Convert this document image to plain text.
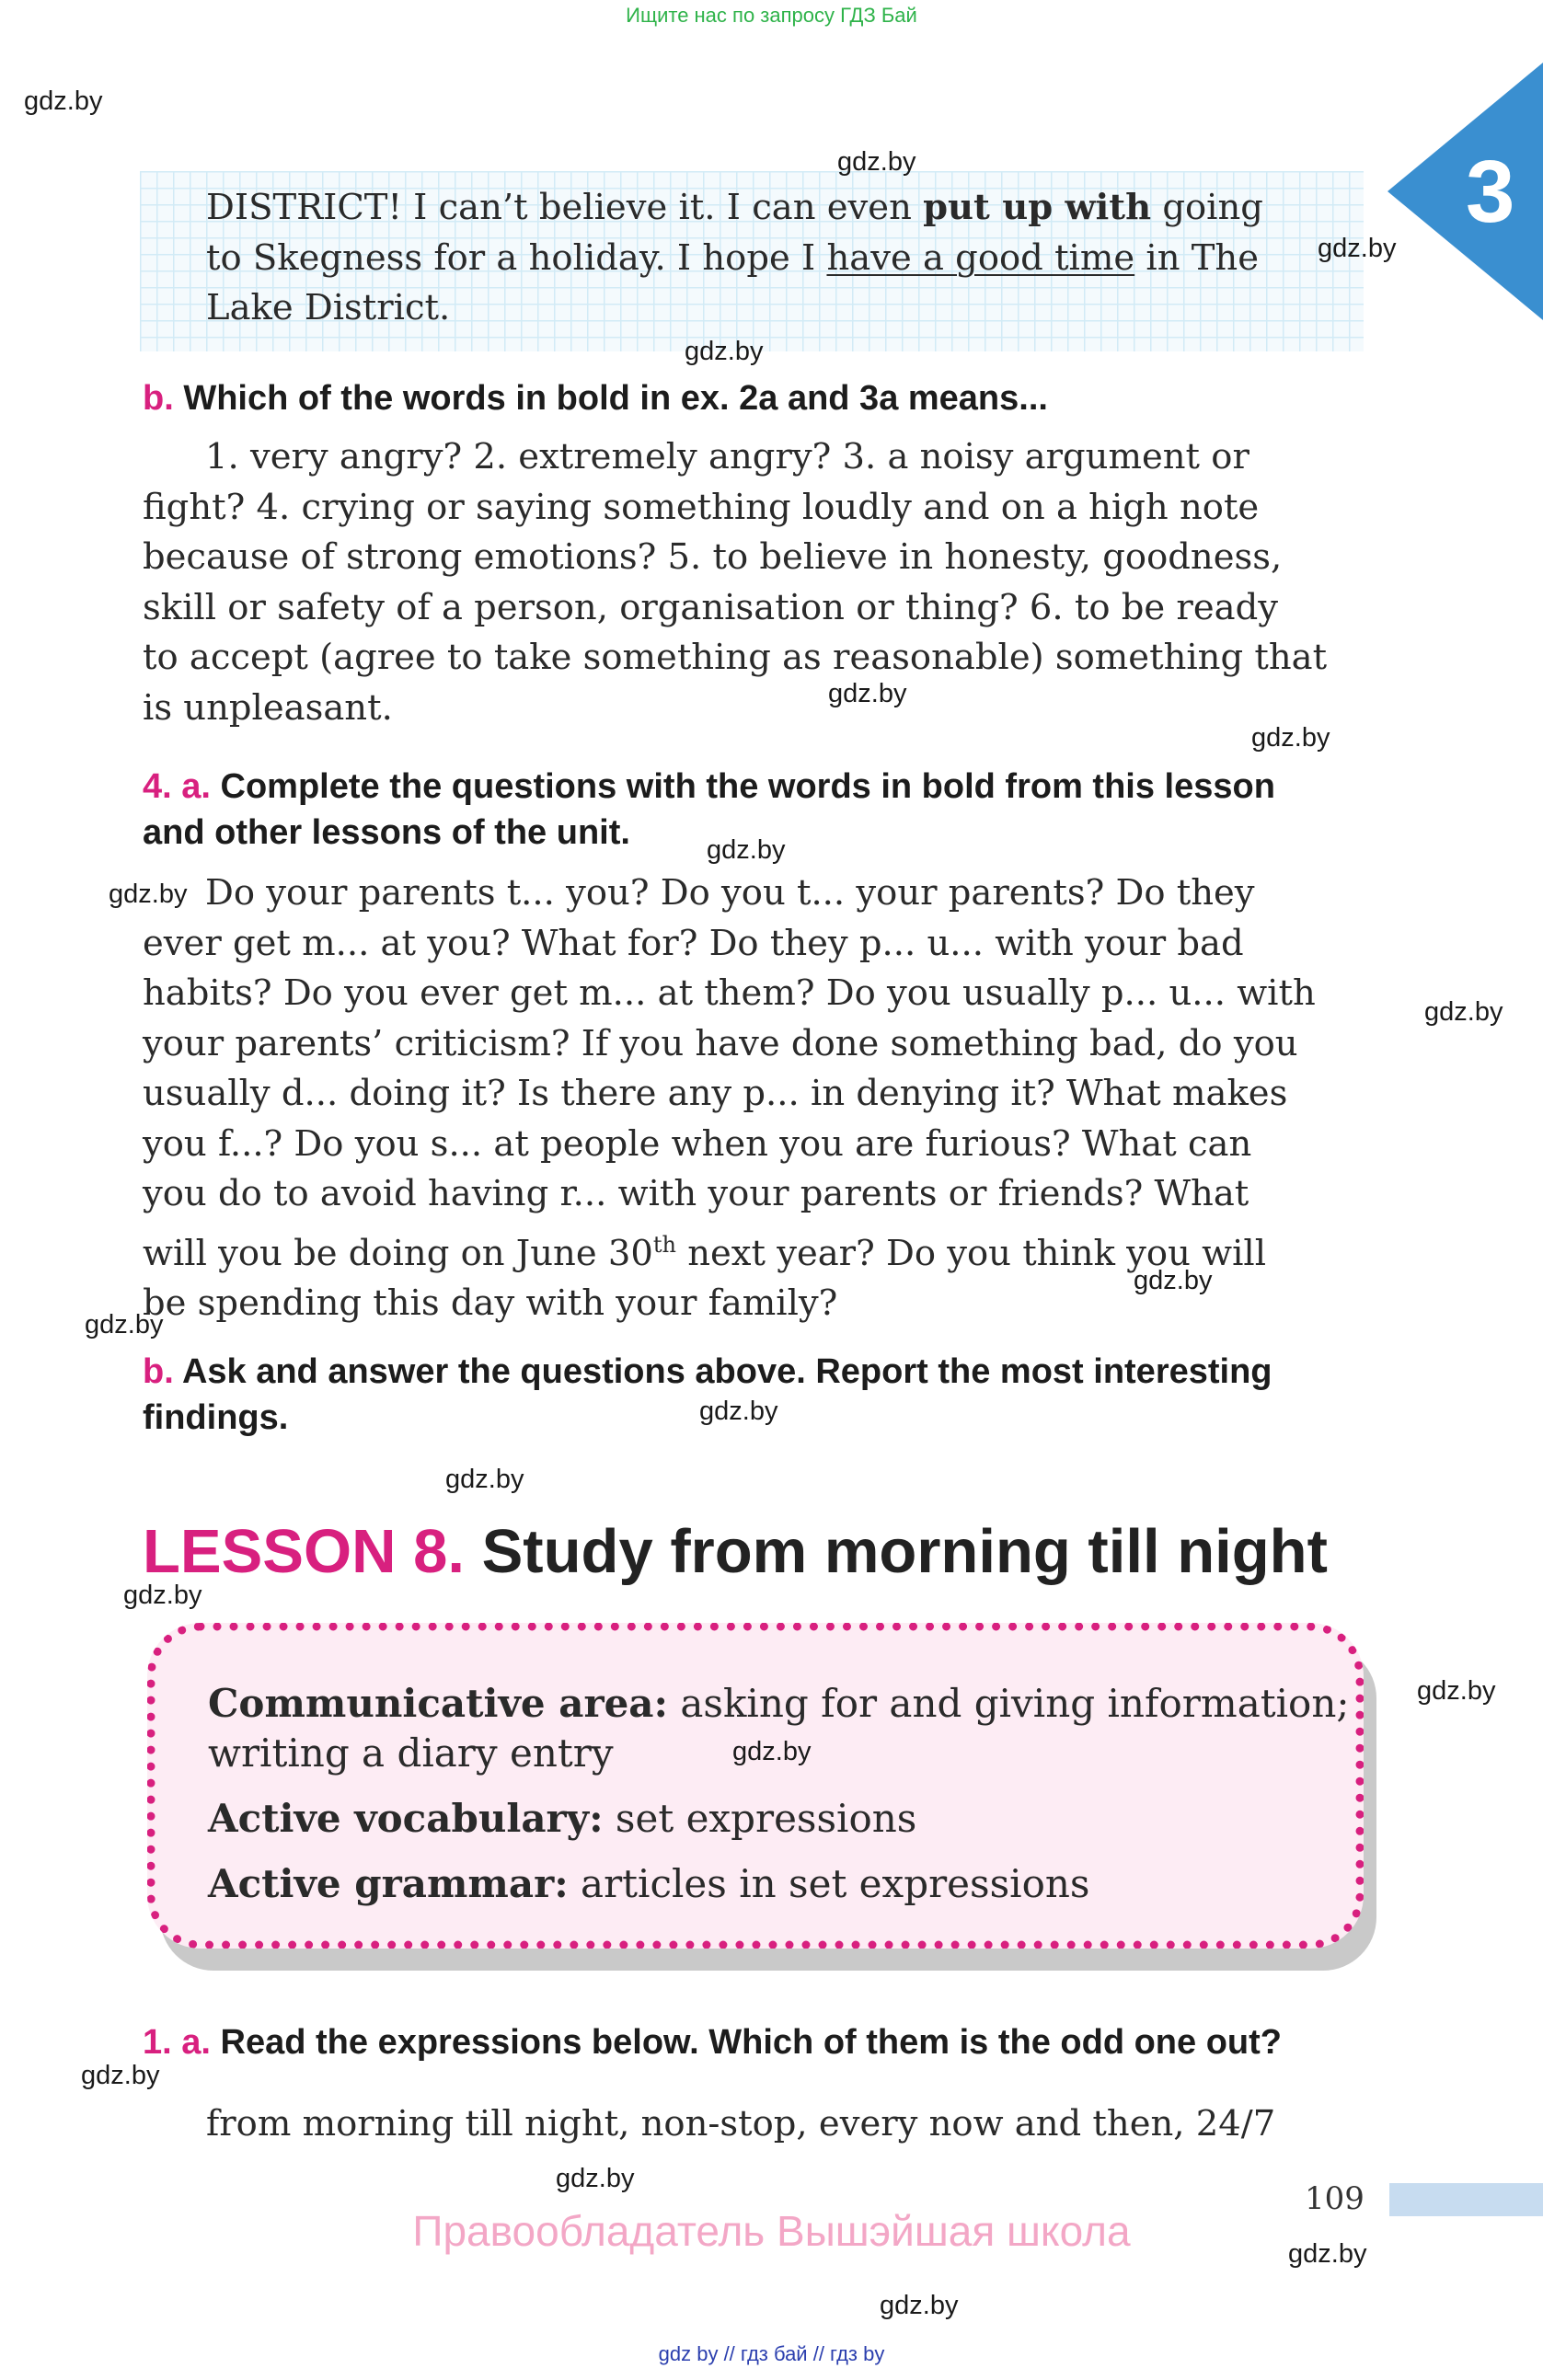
Ищите нас по запросу ГДЗ Бай
3
DISTRICT! I can’t believe it. I can even put up with going
to Skegness for a holiday. I hope I have a good time in The
Lake District.
b. Which of the words in bold in ex. 2a and 3a means...
1. very angry? 2. extremely angry? 3. a noisy argument or
fight? 4. crying or saying something loudly and on a high note
because of strong emotions? 5. to believe in honesty, goodness,
skill or safety of a person, organisation or thing? 6. to be ready
to accept (agree to take something as reasonable) something that
is unpleasant.
4. a. Complete the questions with the words in bold from this lesson
and other lessons of the unit.
Do your parents t... you? Do you t... your parents? Do they
ever get m... at you? What for? Do they p... u... with your bad
habits? Do you ever get m... at them? Do you usually p... u... with
your parents’ criticism? If you have done something bad, do you
usually d... doing it? Is there any p... in denying it? What makes
you f...? Do you s... at people when you are furious? What can
you do to avoid having r... with your parents or friends? What
will you be doing on June 30th next year? Do you think you will
be spending this day with your family?
b. Ask and answer the questions above. Report the most interesting
findings.
LESSON 8. Study from morning till night
Communicative area: asking for and giving information;
writing a diary entry
Active vocabulary: set expressions
Active grammar: articles in set expressions
1. a. Read the expressions below. Which of them is the odd one out?
from morning till night, non-stop, every now and then, 24/7
109
Правообладатель Вышэйшая школа
gdz by // гдз бай // гдз by
gdz.by
gdz.by
gdz.by
gdz.by
gdz.by
gdz.by
gdz.by
gdz.by
gdz.by
gdz.by
gdz.by
gdz.by
gdz.by
gdz.by
gdz.by
gdz.by
gdz.by
gdz.by
gdz.by
gdz.by
